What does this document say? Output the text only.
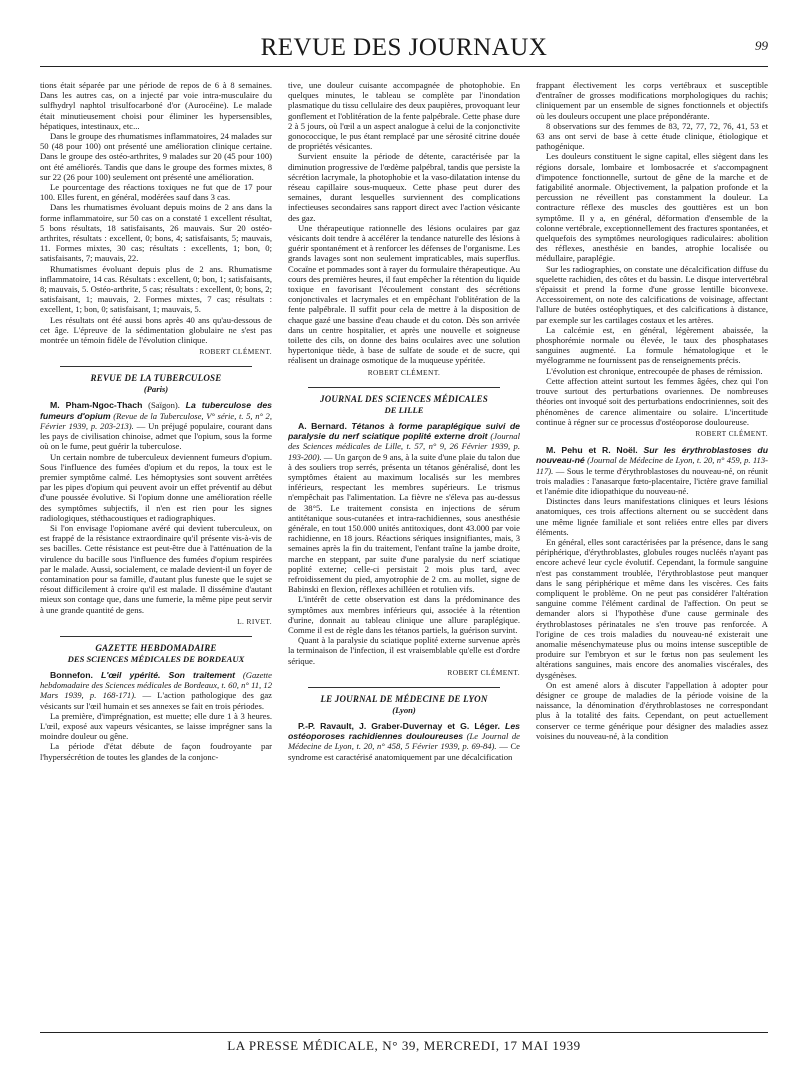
REVUE DES JOURNAUX	99

tions était séparée par une période de repos de 6 à 8 semaines. Dans les autres cas, on a injecté par voie intra-musculaire du sulfhydryl naphtol trisulfocarboné d'or (Aurocéine). Le malade était minutieusement choisi pour éliminer les hypersensibles, hépatiques, intestinaux, etc...

Dans le groupe des rhumatismes inflammatoires, 24 malades sur 50 (48 pour 100) ont présenté une amélioration clinique certaine. Dans le groupe des ostéo-arthrites, 9 malades sur 20 (45 pour 100) ont été améliorés. Tandis que dans le groupe des formes mixtes, 8 sur 22 (26 pour 100) seulement ont présenté une amélioration.

Le pourcentage des réactions toxiques ne fut que de 17 pour 100. Elles furent, en général, modérées sauf dans 3 cas.

Dans les rhumatismes évoluant depuis moins de 2 ans dans la forme inflammatoire, sur 50 cas on a constaté 1 excellent résultat, 5 bons résultats, 18 satisfaisants, 26 mauvais. Sur 20 ostéo-arthrites, résultats : excellent, 0; bons, 4; satisfaisants, 5; mauvais, 11. Formes mixtes, 30 cas; résultats : excellents, 1; bon, 0; satisfaisants, 7; mauvais, 22.

Rhumatismes évoluant depuis plus de 2 ans. Rhumatisme inflammatoire, 14 cas. Résultats : excellent, 0; bon, 1; satisfaisants, 8; mauvais, 5. Ostéo-arthrite, 5 cas; résultats : excellent, 0; bons, 2; satisfaisant, 1; mauvais, 2. Formes mixtes, 7 cas; résultats : excellent, 1; bon, 0; satisfaisant, 1; mauvais, 5.

Les résultats ont été aussi bons après 40 ans qu'au-dessous de cet âge. L'épreuve de la sédimentation globulaire ne s'est pas montrée un témoin fidèle de l'évolution clinique.

ROBERT CLÉMENT.
REVUE DE LA TUBERCULOSE
(Paris)

M. Pham-Ngoc-Thach (Saïgon). La tuberculose des fumeurs d'opium (Revue de la Tuberculose, V° série, t. 5, n° 2, Février 1939, p. 203-213). — Un préjugé populaire, courant dans les pays de civilisation chinoise, admet que l'opium, sous la forme où on le fume, peut guérir la tuberculose.

Un certain nombre de tuberculeux deviennent fumeurs d'opium. Sous l'influence des fumées d'opium et du repos, la toux est le premier symptôme calmé. Les hémoptysies sont souvent arrêtées par les pipes d'opium qui peuvent avoir un effet préventif au début d'une poussée évolutive. Si l'opium donne une amélioration réelle des symptômes subjectifs, il n'en est rien pour les signes radiologiques, stéthacoustiques et radiographiques.

Si l'on envisage l'opiomane avéré qui devient tuberculeux, on est frappé de la résistance extraordinaire qu'il présente vis-à-vis de ses bacilles. Cette résistance est peut-être due à l'atténuation de la virulence du bacille sous l'influence des fumées d'opium respirées par le malade. Aussi, socialement, ce malade devient-il un foyer de contamination pour sa famille, d'autant plus funeste que le sujet se résout difficilement à croire qu'il est malade. Il dissémine d'autant mieux son contage que, dans une fumerie, la même pipe peut servir à une grande quantité de gens.

L. RIVET.
GAZETTE HEBDOMADAIRE
DES SCIENCES MÉDICALES DE BORDEAUX

Bonnefon. L'œil ypérité. Son traitement (Gazette hebdomadaire des Sciences médicales de Bordeaux, t. 60, n° 11, 12 Mars 1939, p. 168-171). — L'action pathologique des gaz vésicants sur l'œil humain et ses annexes se fait en trois périodes.

La première, d'imprégnation, est muette; elle dure 1 à 3 heures. L'œil, exposé aux vapeurs vésicantes, se laisse imprégner sans la moindre douleur ou gêne.

La période d'état débute de façon foudroyante par l'hypersécrétion de toutes les glandes de la conjonc-

tive, une douleur cuisante accompagnée de photophobie. En quelques minutes, le tableau se complète par l'inondation plasmatique du tissu cellulaire des deux paupières, provoquant leur gonflement et l'oblitération de la fente palpébrale. Cette phase dure 2 à 5 jours, où l'œil a un aspect analogue à celui de la conjonctivite gonococcique, le pus étant remplacé par une sérosité citrine douée de propriétés vésicantes.

Survient ensuite la période de détente, caractérisée par la diminution progressive de l'œdème palpébral, tandis que persiste la sécrétion lacrymale, la photophobie et la vaso-dilatation intense du réseau capillaire sous-muqueux. Cette phase peut durer des semaines, durant lesquelles surviennent des complications infectieuses secondaires sans rapport direct avec l'action vésicante des gaz.

Une thérapeutique rationnelle des lésions oculaires par gaz vésicants doit tendre à accélérer la tendance naturelle des lésions à guérir spontanément et à renforcer les défenses de l'organisme. Les grands lavages sont non seulement impraticables, mais superflus. Cocaïne et pommades sont à rayer du formulaire thérapeutique. Au cours des premières heures, il faut empêcher la rétention du liquide toxique en favorisant l'écoulement constant des sécrétions conjonctivales et lacrymales et en empêchant l'oblitération de la fente palpébrale. Il suffit pour cela de mettre à la disposition de chaque gazé une bassine d'eau chaude et du coton. Dès son arrivée dans un centre hospitalier, et après une nouvelle et soigneuse toilette des cils, on donne des bains oculaires avec une solution hypertonique tiède, à base de sulfate de soude et de sucre, qui réalisent un drainage osmotique de la muqueuse ypéritée.

ROBERT CLÉMENT.
JOURNAL DES SCIENCES MÉDICALES
DE LILLE

A. Bernard. Tétanos à forme paraplégique suivi de paralysie du nerf sciatique poplité externe droit (Journal des Sciences médicales de Lille, t. 57, n° 9, 26 Février 1939, p. 193-200). — Un garçon de 9 ans, à la suite d'une plaie du talon due à des souliers trop serrés, présenta un tétanos généralisé, dont les symptômes étaient au maximum localisés sur les membres inférieurs, respectant les membres supérieurs. Le trismus n'empêchait pas l'alimentation. La fièvre ne s'éleva pas au-dessus de 38°5. Le traitement consista en injections de sérum antitétanique sous-cutanées et intra-rachidiennes, sous anesthésie générale, en tout 150.000 unités antitoxiques, dont 43.000 par voie rachidienne, en 18 jours. Réactions sériques insignifiantes, mais, 3 semaines après la fin du traitement, l'enfant traîne la jambe droite, marche en steppant, par suite d'une paralysie du nerf sciatique poplité externe; celle-ci persistait 2 mois plus tard, avec refroidissement du pied, amyotrophie de 2 cm. au mollet, signe de Babinski en flexion, réflexes achilléen et rotulien vifs.

L'intérêt de cette observation est dans la prédominance des symptômes aux membres inférieurs qui, associée à la rétention d'urine, donnait au tableau clinique une allure paraplégique. Comme il est de règle dans les tétanos partiels, la guérison survint.

Quant à la paralysie du sciatique poplité externe survenue après la terminaison de l'infection, il est vraisemblable qu'elle est d'ordre sérique.

ROBERT CLÉMENT.
LE JOURNAL DE MÉDECINE DE LYON
(Lyon)

P.-P. Ravault, J. Graber-Duvernay et G. Léger. Les ostéoporoses rachidiennes douloureuses (Le Journal de Médecine de Lyon, t. 20, n° 458, 5 Février 1939, p. 69-84). — Ce syndrome est caractérisé anatomiquement par une décalcification

frappant électivement les corps vertébraux et susceptible d'entraîner de grosses modifications morphologiques du rachis; cliniquement par un ensemble de signes fonctionnels et objectifs où les douleurs occupent une place prépondérante.

8 observations sur des femmes de 83, 72, 77, 72, 76, 41, 53 et 63 ans ont servi de base à cette étude clinique, étiologique et pathogénique.

Les douleurs constituent le signe capital, elles siègent dans les régions dorsale, lombaire et lombosacrée et s'accompagnent d'impotence fonctionnelle, surtout de gêne de la marche et de fatigabilité anormale. Objectivement, la palpation profonde et la percussion ne réveillent pas constamment la douleur. La contracture réflexe des muscles des gouttières est un bon symptôme. Il y a, en général, déformation d'ensemble de la colonne vertébrale, exceptionnellement des fractures spontanées, et quelquefois des symptômes neurologiques radiculaires: abolition des réflexes, anesthésie en bandes, atrophie localisée ou médullaire, paraplégie.

Sur les radiographies, on constate une décalcification diffuse du squelette rachidien, des côtes et du bassin. Le disque intervertébral s'épaissit et prend la forme d'une grosse lentille biconvexe. Accessoirement, on note des calcifications de voisinage, affectant l'allure de butées ostéophytiques, et des calcifications à distance, par exemple sur les cartilages costaux et les artères.

La calcémie est, en général, légèrement abaissée, la phosphorémie normale ou élevée, le taux des phosphatases sanguines augmenté. La formule hématologique et le myélogramme ne fournissent pas de renseignements précis.

L'évolution est chronique, entrecoupée de phases de rémission.

Cette affection atteint surtout les femmes âgées, chez qui l'on trouve surtout des perturbations ovariennes. De nombreuses théories ont invoqué soit des perturbations endocriniennes, soit des phénomènes de carence alimentaire ou solaire. L'incertitude continue à régner sur ce processus d'ostéoporose douloureuse.

ROBERT CLÉMENT.

M. Pehu et R. Noël. Sur les érythroblastoses du nouveau-né (Journal de Médecine de Lyon, t. 20, n° 459, p. 113-117). — Sous le terme d'érythroblastoses du nouveau-né, on réunit trois maladies : l'anasarque fœto-placentaire, l'ictère grave familial et l'anémie dite idiopathique du nouveau-né.

Distinctes dans leurs manifestations cliniques et leurs lésions anatomiques, ces trois affections alternent ou se succèdent dans une même lignée familiale et sont reliées entre elles par divers éléments.

En général, elles sont caractérisées par la présence, dans le sang périphérique, d'érythroblastes, globules rouges nucléés n'ayant pas encore achevé leur cycle évolutif. Cependant, la formule sanguine n'est pas constamment troublée, l'érythroblastose peut manquer dans le sang périphérique et même dans les viscères. Ces faits compliquent le problème. On ne peut pas considérer l'altération sanguine comme l'élément cardinal de l'affection. On peut se demander alors si l'hypothèse d'une cause germinale des érythroblastoses périnatales ne s'en trouve pas renforcée. A l'origine de ces trois maladies du nouveau-né existerait une anomalie mésenchymateuse plus ou moins intense susceptible de produire sur l'embryon et sur le fœtus non pas seulement les altérations sanguines, mais encore des anomalies viscérales, des dysgénèses.

On est amené alors à discuter l'appellation à adopter pour désigner ce groupe de maladies de la période voisine de la naissance, la dénomination d'érythroblastoses ne correspondant plus à la totalité des faits. Cependant, on peut actuellement conserver ce terme générique pour désigner des maladies assez voisines du nouveau-né, à la condition

LA PRESSE MÉDICALE, N° 39, MERCREDI, 17 MAI 1939
